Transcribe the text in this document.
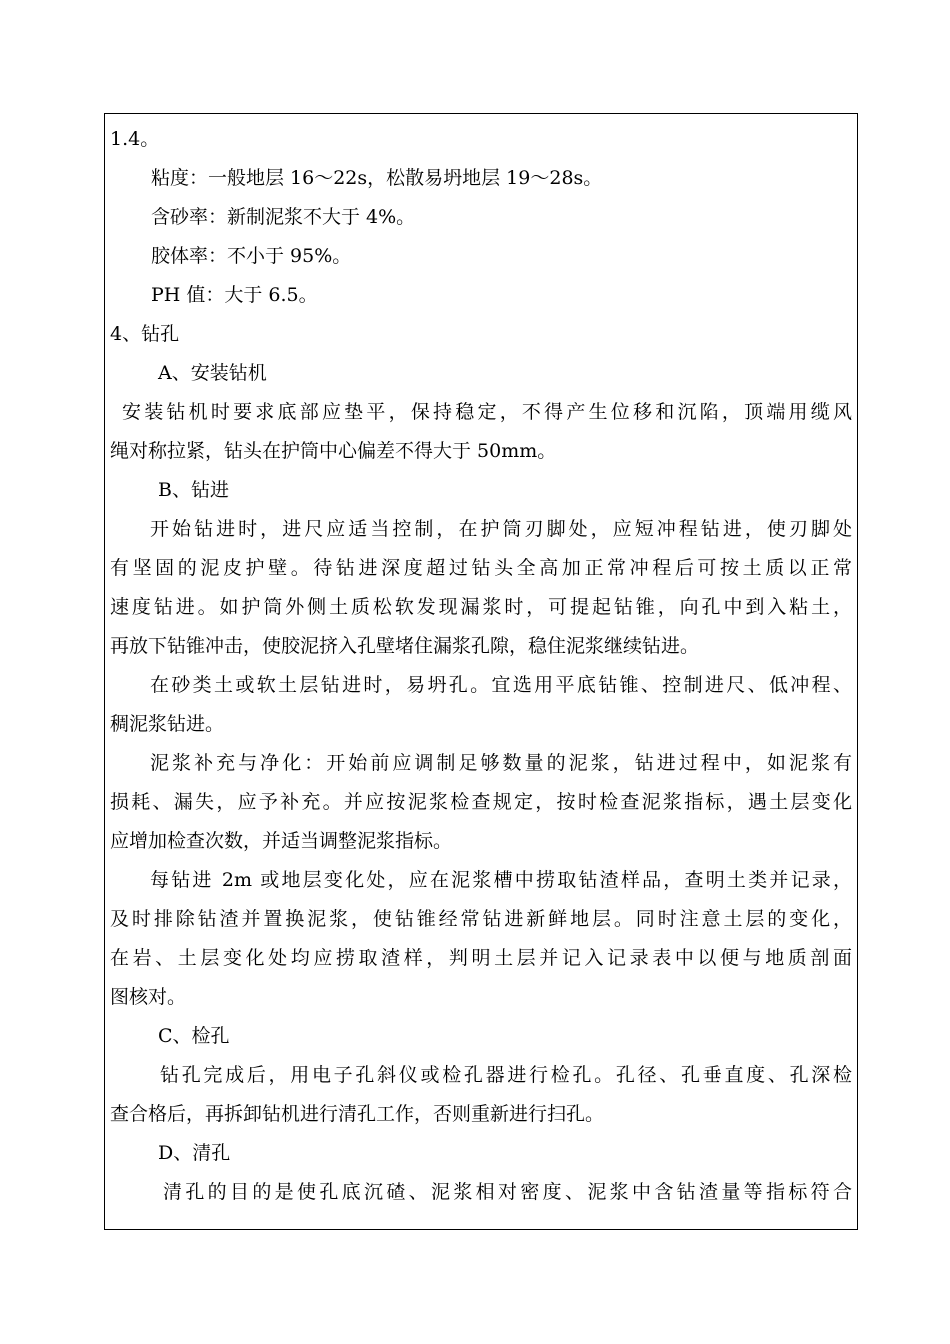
1.4。
粘度：一般地层 16～22s，松散易坍地层 19～28s。
含砂率：新制泥浆不大于 4%。
胶体率：不小于 95%。
PH 值：大于 6.5。
4、钻孔
A、安装钻机
安装钻机时要求底部应垫平，保持稳定，不得产生位移和沉陷，顶端用缆风
绳对称拉紧，钻头在护筒中心偏差不得大于 50mm。
B、钻进
开始钻进时，进尺应适当控制，在护筒刃脚处，应短冲程钻进，使刃脚处
有坚固的泥皮护壁。待钻进深度超过钻头全高加正常冲程后可按土质以正常
速度钻进。如护筒外侧土质松软发现漏浆时，可提起钻锥，向孔中到入粘土，
再放下钻锥冲击，使胶泥挤入孔壁堵住漏浆孔隙，稳住泥浆继续钻进。
在砂类土或软土层钻进时，易坍孔。宜选用平底钻锥、控制进尺、低冲程、
稠泥浆钻进。
泥浆补充与净化：开始前应调制足够数量的泥浆，钻进过程中，如泥浆有
损耗、漏失，应予补充。并应按泥浆检查规定，按时检查泥浆指标，遇土层变化
应增加检查次数，并适当调整泥浆指标。
每钻进 2m 或地层变化处，应在泥浆槽中捞取钻渣样品，查明土类并记录，
及时排除钻渣并置换泥浆，使钻锥经常钻进新鲜地层。同时注意土层的变化，
在岩、土层变化处均应捞取渣样，判明土层并记入记录表中以便与地质剖面
图核对。
C、检孔
钻孔完成后，用电子孔斜仪或检孔器进行检孔。孔径、孔垂直度、孔深检
查合格后，再拆卸钻机进行清孔工作，否则重新进行扫孔。
D、清孔
清孔的目的是使孔底沉碴、泥浆相对密度、泥浆中含钻渣量等指标符合
